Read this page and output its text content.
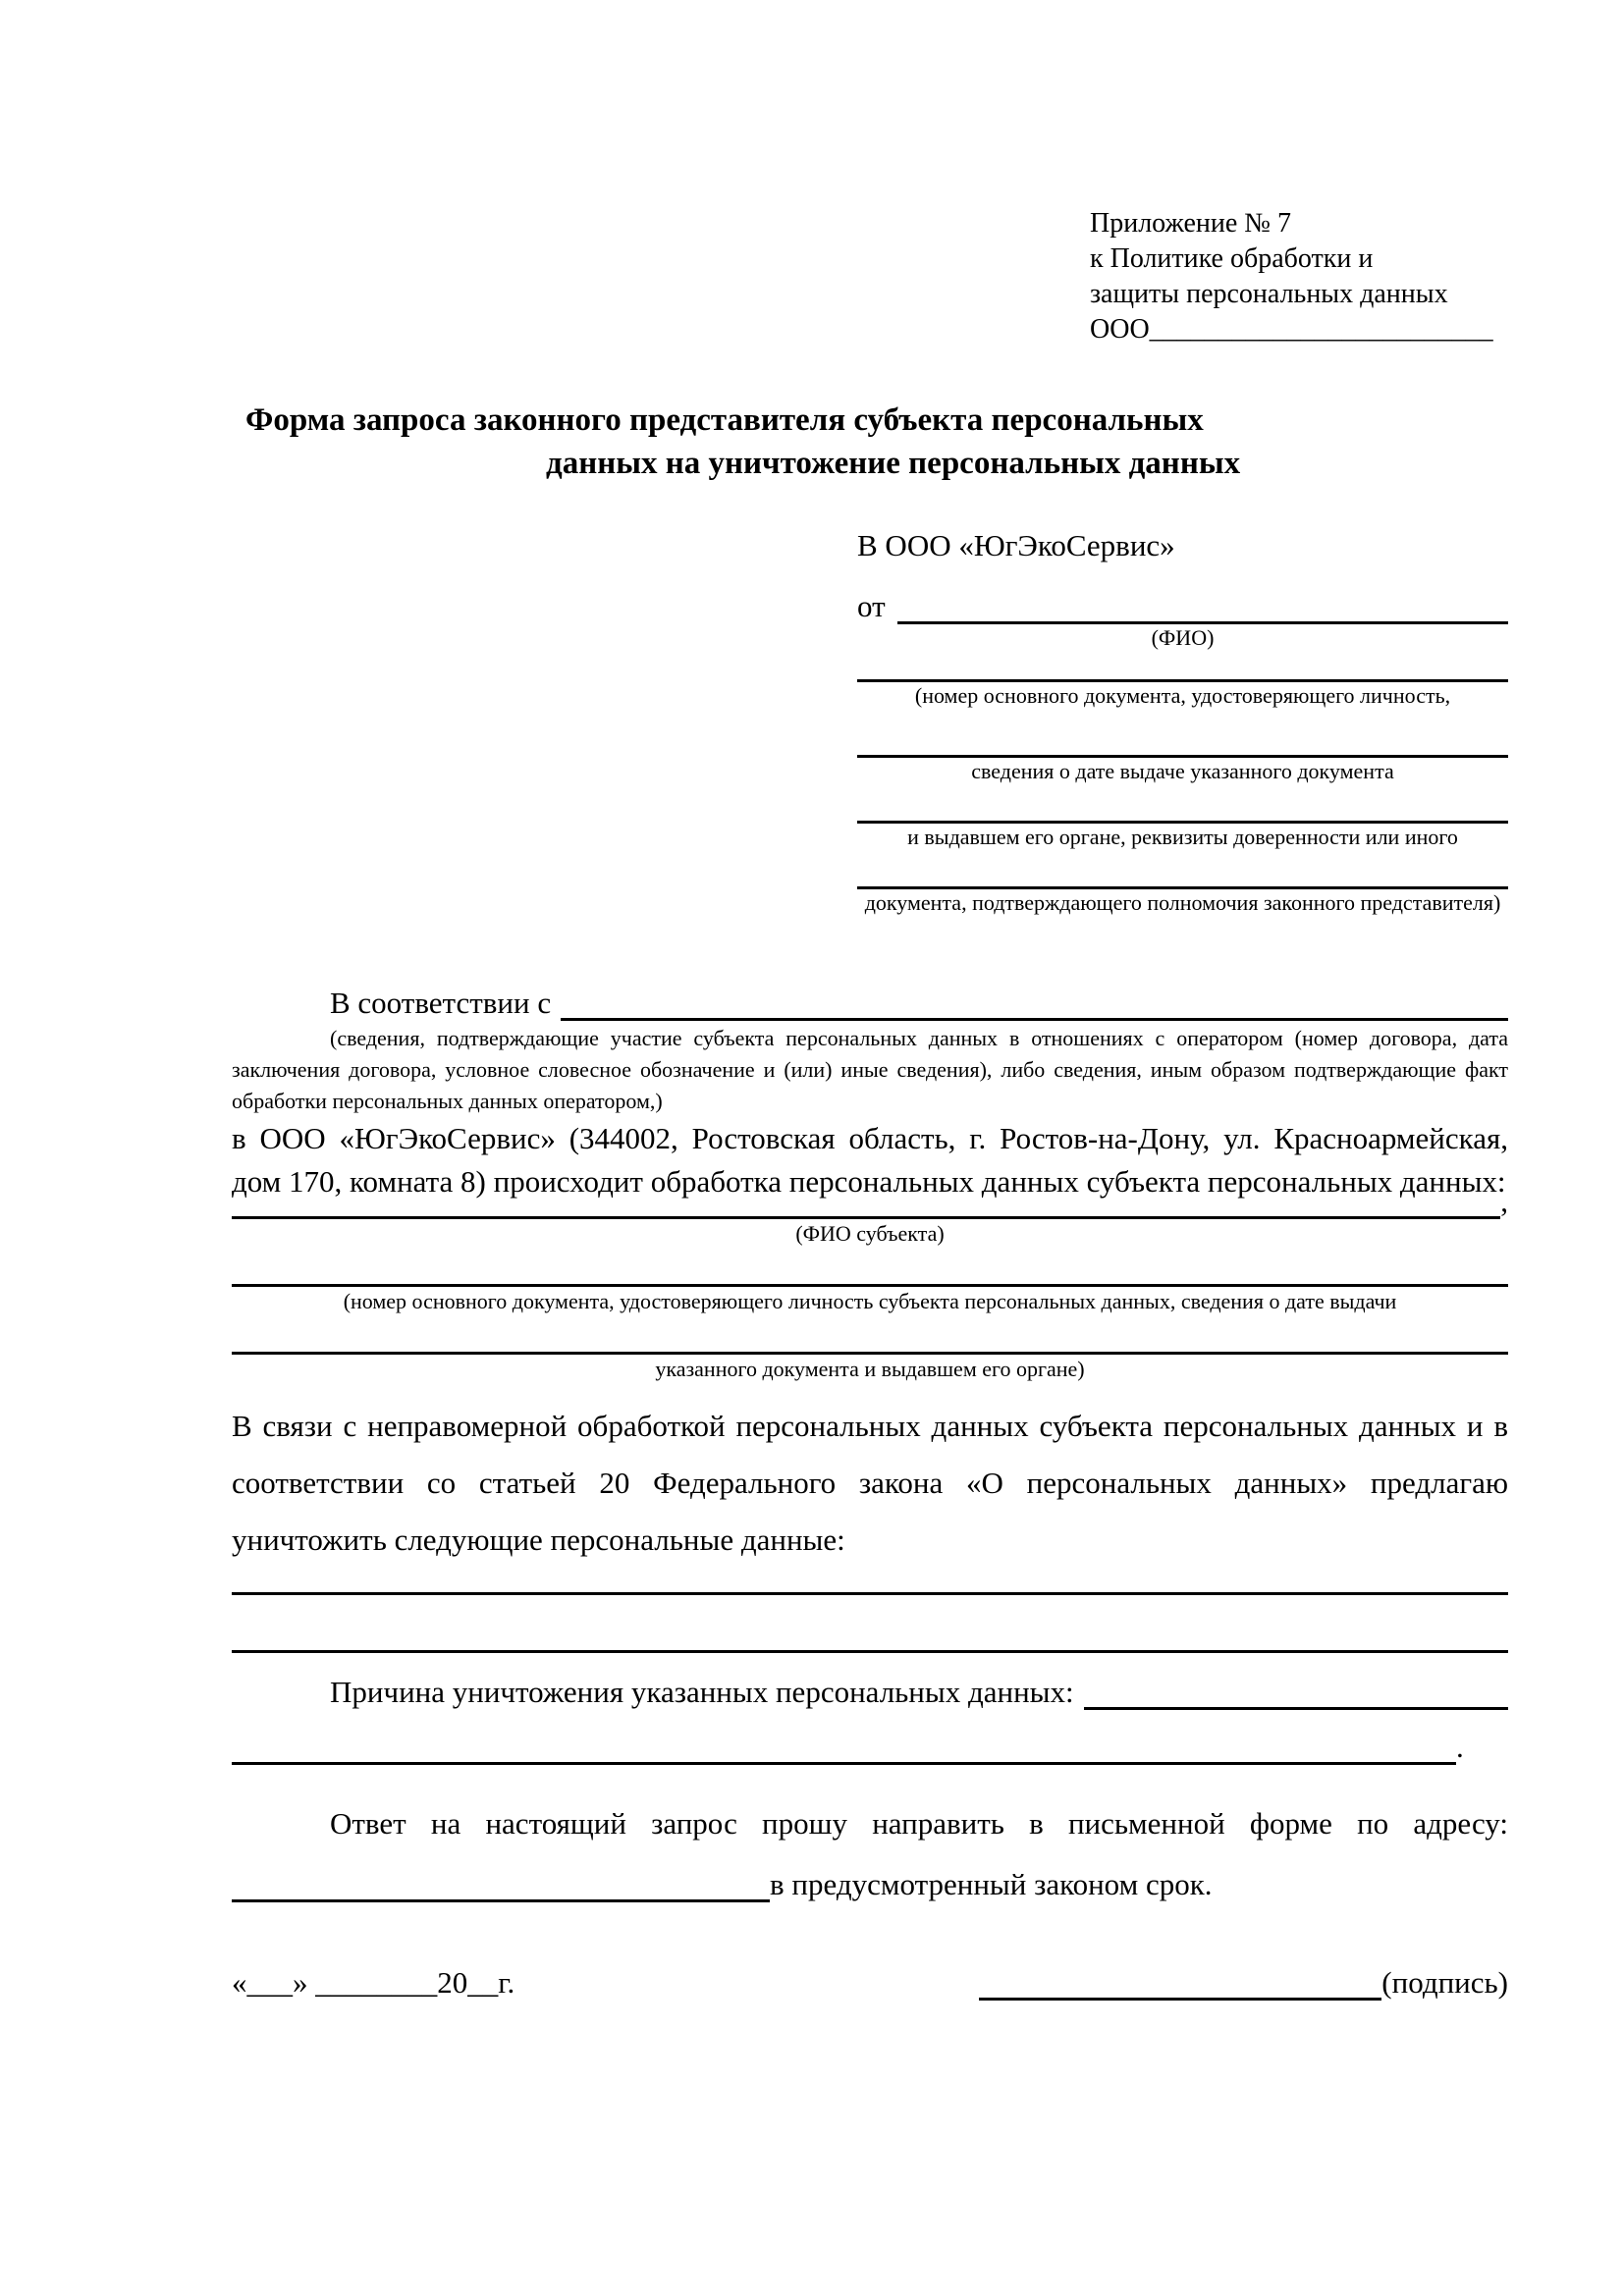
Приложение № 7
к Политике обработки и
защиты персональных данных
ООО_________________________
Форма запроса законного представителя субъекта персональных
данных на уничтожение персональных данных
В ООО «ЮгЭкоСервис»
от
(ФИО)
(номер основного документа, удостоверяющего личность,
сведения о дате выдаче указанного документа
и выдавшем его органе, реквизиты доверенности или иного
документа, подтверждающего полномочия законного представителя)
В соответствии с
(сведения, подтверждающие участие субъекта персональных данных в отношениях с оператором (номер договора, дата заключения договора, условное словесное обозначение и (или) иные сведения), либо сведения, иным образом подтверждающие факт обработки персональных данных оператором,)
в ООО «ЮгЭкоСервис» (344002, Ростовская область, г. Ростов-на-Дону, ул. Красноармейская, дом 170, комната 8) происходит обработка персональных данных субъекта персональных данных:
,
(ФИО субъекта)
(номер основного документа, удостоверяющего личность субъекта персональных данных, сведения о дате выдачи
указанного документа и выдавшем его органе)
В связи с неправомерной обработкой персональных данных субъекта персональных данных и в соответствии со статьей 20 Федерального закона «О персональных данных» предлагаю уничтожить следующие персональные данные:
Причина уничтожения указанных персональных данных:
.
Ответ на настоящий запрос прошу направить в письменной форме по адресу:
в предусмотренный законом срок.
«___» ________20__г.	(подпись)
